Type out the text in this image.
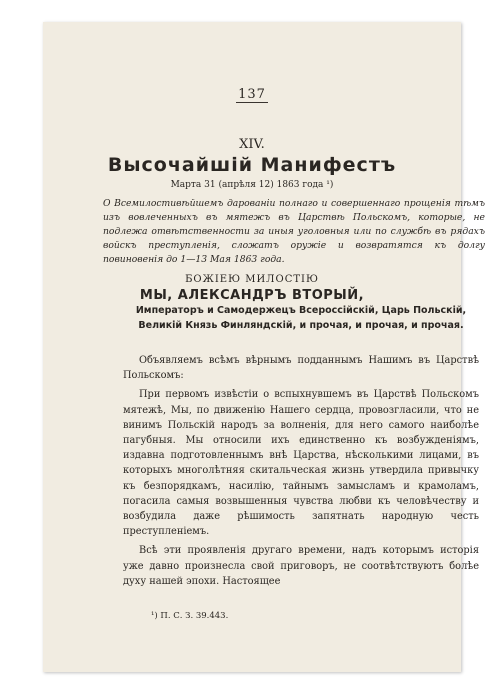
137
XIV.
Высочайшій Манифестъ
Марта 31 (апрѣля 12) 1863 года ¹)
О Всемилостивѣйшемъ дарованіи полнаго и совершеннаго прощенія тѣмъ изъ вовлеченныхъ въ мятежъ въ Царствѣ Польскомъ, которые, не подлежа отвѣтственности за иныя уголовныя или по службѣ въ рядахъ войскъ преступленія, сложатъ оружіе и возвратятся къ долгу повиновенія до 1—13 Мая 1863 года.
БОЖІЕЮ МИЛОСТІЮ
МЫ, АЛЕКСАНДРЪ ВТОРЫЙ,
Императоръ и Самодержецъ Всероссійскій, Царь Польскій, Великій Князь Финляндскій, и прочая, и прочая, и прочая.

Объявляемъ всѣмъ вѣрнымъ подданнымъ Нашимъ въ Царствѣ Польскомъ:

При первомъ извѣстіи о вспыхнувшемъ въ Царствѣ Польскомъ мятежѣ, Мы, по движенію Нашего сердца, провозгласили, что не винимъ Польскій народъ за волненія, для него самого наиболѣе пагубныя. Мы относили ихъ единственно къ возбужденіямъ, издавна подготовленнымъ внѣ Царства, нѣсколькими лицами, въ которыхъ многолѣтняя скитальческая жизнь утвердила привычку къ безпорядкамъ, насилію, тайнымъ замысламъ и крамоламъ, погасила самыя возвышенныя чувства любви къ человѣчеству и возбудила даже рѣшимость запятнать народную честь преступленіемъ.

Всѣ эти проявленія другаго времени, надъ которымъ исторія уже давно произнесла свой приговоръ, не соотвѣтствуютъ болѣе духу нашей эпохи. Настоящее

¹) П. С. З. 39.443.
